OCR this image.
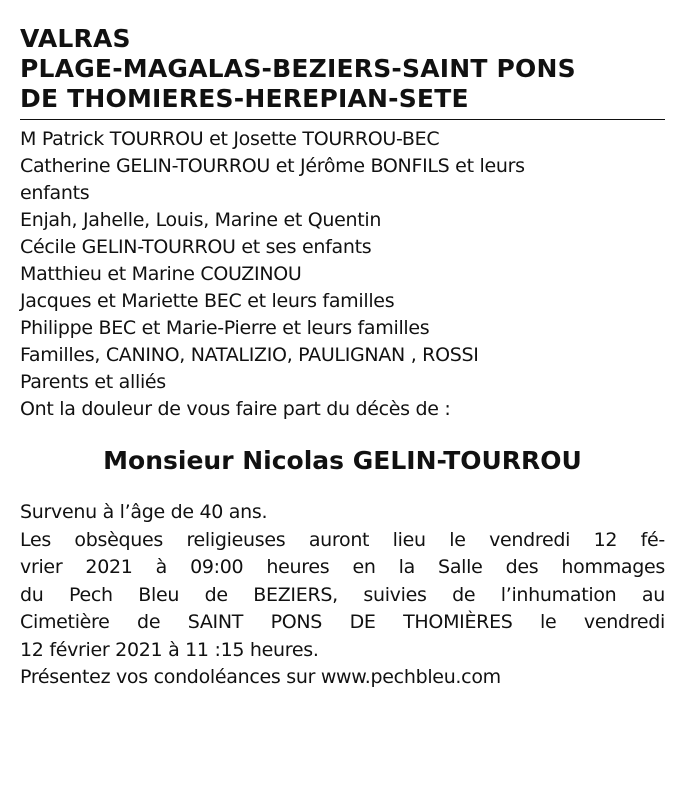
VALRAS
PLAGE-MAGALAS-BEZIERS-SAINT PONS
DE THOMIERES-HEREPIAN-SETE
M Patrick TOURROU et Josette TOURROU-BEC
Catherine GELIN-TOURROU et Jérôme BONFILS et leurs
enfants
Enjah, Jahelle, Louis, Marine et Quentin
Cécile GELIN-TOURROU et ses enfants
Matthieu et Marine COUZINOU
Jacques et Mariette BEC et leurs familles
Philippe BEC et Marie-Pierre et leurs familles
Familles, CANINO, NATALIZIO, PAULIGNAN , ROSSI
Parents et alliés
Ont la douleur de vous faire part du décès de :
Monsieur Nicolas GELIN-TOURROU
Survenu à l’âge de 40 ans.
Les obsèques religieuses auront lieu le vendredi 12 fé-
vrier 2021 à 09:00 heures en la Salle des hommages
du Pech Bleu de BEZIERS, suivies de l’inhumation au
Cimetière de SAINT PONS DE THOMIÈRES le vendredi
12 février 2021 à 11 :15 heures.
Présentez vos condoléances sur www.pechbleu.com
